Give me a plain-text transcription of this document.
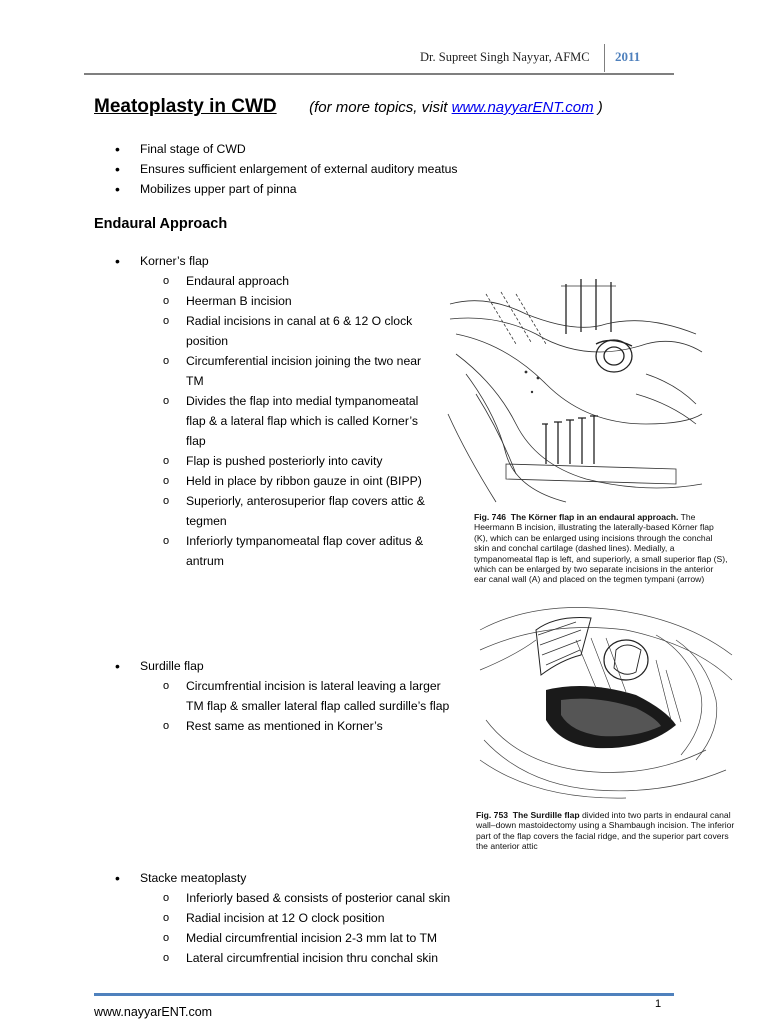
Dr. Supreet Singh Nayyar, AFMC 2011
Meatoplasty in CWD (for more topics, visit www.nayyarENT.com )
• Final stage of CWD
• Ensures sufficient enlargement of external auditory meatus
• Mobilizes upper part of pinna
Endaural Approach
• Korner’s flap
o Endaural approach
o Heerman B incision
o Radial incisions in canal at 6 & 12 O clock position
o Circumferential incision joining the two near TM
o Divides the flap into medial tympanomeatal flap & a lateral flap which is called Korner’s flap
o Flap is pushed posteriorly into cavity
o Held in place by ribbon gauze in oint (BIPP)
o Superiorly, anterosuperior flap covers attic & tegmen
o Inferiorly tympanomeatal flap cover aditus & antrum
• Surdille flap
o Circumfrential incision is lateral leaving a larger TM flap & smaller lateral flap called surdille’s flap
o Rest same as mentioned in Korner’s
• Stacke meatoplasty
o Inferiorly based & consists of posterior canal skin
o Radial incision at 12 O clock position
o Medial circumfrential incision 2-3 mm lat to TM
o Lateral circumfrential incision thru conchal skin
Fig. 746 The Körner flap in an endaural approach. The Heermann B incision, illustrating the laterally-based Körner flap (K), which can be enlarged using incisions through the conchal skin and conchal cartilage (dashed lines). Medially, a tympanomeatal flap is left, and superiorly, a small superior flap (S), which can be enlarged by two separate incisions in the anterior ear canal wall (A) and placed on the tegmen tympani (arrow)
Fig. 753 The Surdille flap divided into two parts in endaural canal wall–down mastoidectomy using a Shambaugh incision. The inferior part of the flap covers the facial ridge, and the superior part covers the anterior attic
www.nayyarENT.com
1
